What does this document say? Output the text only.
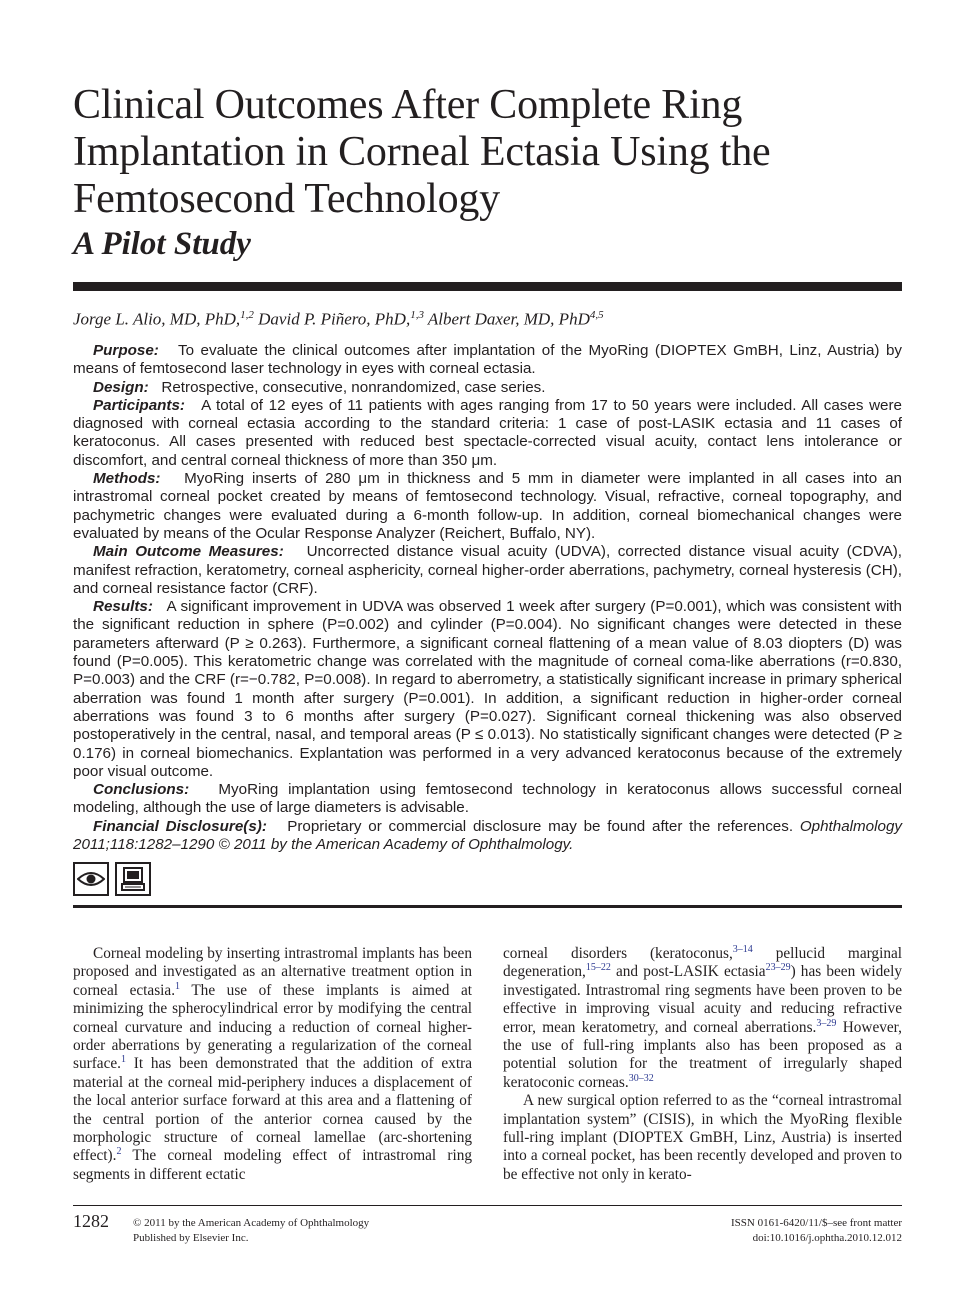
Clinical Outcomes After Complete Ring Implantation in Corneal Ectasia Using the Femtosecond Technology
A Pilot Study
Jorge L. Alio, MD, PhD,$^{1,2}$ David P. Piñero, PhD,$^{1,3}$ Albert Daxer, MD, PhD$^{4,5}$

Purpose: To evaluate the clinical outcomes after implantation of the MyoRing (DIOPTEX GmBH, Linz, Austria) by means of femtosecond laser technology in eyes with corneal ectasia.

Design: Retrospective, consecutive, nonrandomized, case series.

Participants: A total of 12 eyes of 11 patients with ages ranging from 17 to 50 years were included. All cases were diagnosed with corneal ectasia according to the standard criteria: 1 case of post-LASIK ectasia and 11 cases of keratoconus. All cases presented with reduced best spectacle-corrected visual acuity, contact lens intolerance or discomfort, and central corneal thickness of more than 350 μm.

Methods: MyoRing inserts of 280 μm in thickness and 5 mm in diameter were implanted in all cases into an intrastromal corneal pocket created by means of femtosecond technology. Visual, refractive, corneal topography, and pachymetric changes were evaluated during a 6-month follow-up. In addition, corneal biomechanical changes were evaluated by means of the Ocular Response Analyzer (Reichert, Buffalo, NY).

Main Outcome Measures: Uncorrected distance visual acuity (UDVA), corrected distance visual acuity (CDVA), manifest refraction, keratometry, corneal asphericity, corneal higher-order aberrations, pachymetry, corneal hysteresis (CH), and corneal resistance factor (CRF).

Results: A significant improvement in UDVA was observed 1 week after surgery (P=0.001), which was consistent with the significant reduction in sphere (P=0.002) and cylinder (P=0.004). No significant changes were detected in these parameters afterward (P ≥ 0.263). Furthermore, a significant corneal flattening of a mean value of 8.03 diopters (D) was found (P=0.005). This keratometric change was correlated with the magnitude of corneal coma-like aberrations (r=0.830, P=0.003) and the CRF (r=−0.782, P=0.008). In regard to aberrometry, a statistically significant increase in primary spherical aberration was found 1 month after surgery (P=0.001). In addition, a significant reduction in higher-order corneal aberrations was found 3 to 6 months after surgery (P=0.027). Significant corneal thickening was also observed postoperatively in the central, nasal, and temporal areas (P ≤ 0.013). No statistically significant changes were detected (P ≥ 0.176) in corneal biomechanics. Explantation was performed in a very advanced keratoconus because of the extremely poor visual outcome.

Conclusions: MyoRing implantation using femtosecond technology in keratoconus allows successful corneal modeling, although the use of large diameters is advisable.

Financial Disclosure(s): Proprietary or commercial disclosure may be found after the references. Ophthalmology 2011;118:1282–1290 © 2011 by the American Academy of Ophthalmology.

Corneal modeling by inserting intrastromal implants has been proposed and investigated as an alternative treatment option in corneal ectasia.$^1$ The use of these implants is aimed at minimizing the spherocylindrical error by modifying the central corneal curvature and inducing a reduction of corneal higher-order aberrations by generating a regularization of the corneal surface.$^1$ It has been demonstrated that the addition of extra material at the corneal mid-periphery induces a displacement of the local anterior surface forward at this area and a flattening of the central portion of the anterior cornea caused by the morphologic structure of corneal lamellae (arc-shortening effect).$^2$ The corneal modeling effect of intrastromal ring segments in different ectatic

corneal disorders (keratoconus,$^{3-14}$ pellucid marginal degeneration,$^{15-22}$ and post-LASIK ectasia$^{23-29}$) has been widely investigated. Intrastromal ring segments have been proven to be effective in improving visual acuity and reducing refractive error, mean keratometry, and corneal aberrations.$^{3-29}$ However, the use of full-ring implants also has been proposed as a potential solution for the treatment of irregularly shaped keratoconic corneas.$^{30-32}$

A new surgical option referred to as the “corneal intrastromal implantation system” (CISIS), in which the MyoRing flexible full-ring implant (DIOPTEX GmBH, Linz, Austria) is inserted into a corneal pocket, has been recently developed and proven to be effective not only in kerato-

1282 © 2011 by the American Academy of Ophthalmology
Published by Elsevier Inc.
ISSN 0161-6420/11/$–see front matter
doi:10.1016/j.ophtha.2010.12.012
